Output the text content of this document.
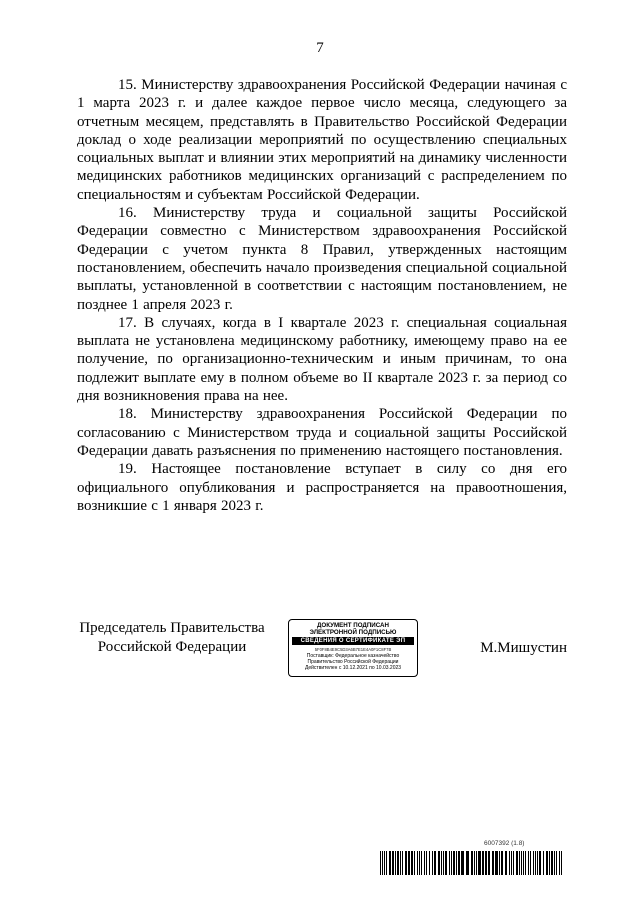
7

15. Министерству здравоохранения Российской Федерации начиная с 1 марта 2023 г. и далее каждое первое число месяца, следующего за отчетным месяцем, представлять в Правительство Российской Федерации доклад о ходе реализации мероприятий по осуществлению специальных социальных выплат и влиянии этих мероприятий на динамику численности медицинских работников медицинских организаций с распределением по специальностям и субъектам Российской Федерации.

16. Министерству труда и социальной защиты Российской Федерации совместно с Министерством здравоохранения Российской Федерации с учетом пункта 8 Правил, утвержденных настоящим постановлением, обеспечить начало произведения специальной социальной выплаты, установленной в соответствии с настоящим постановлением, не позднее 1 апреля 2023 г.

17. В случаях, когда в I квартале 2023 г. специальная социальная выплата не установлена медицинскому работнику, имеющему право на ее получение, по организационно-техническим и иным причинам, то она подлежит выплате ему в полном объеме во II квартале 2023 г. за период со дня возникновения права на нее.

18. Министерству здравоохранения Российской Федерации по согласованию с Министерством труда и социальной защиты Российской Федерации давать разъяснения по применению настоящего постановления.

19. Настоящее постановление вступает в силу со дня его официального опубликования и распространяется на правоотношения, возникшие с 1 января 2023 г.

Председатель Правительства
Российской Федерации
ДОКУМЕНТ ПОДПИСАН
ЭЛЕКТРОННОЙ ПОДПИСЬЮ
СВЕДЕНИЯ О СЕРТИФИКАТЕ ЭП
5F0F8B4E9C5D3A6B7E1E4A0F1C8F7B
Поставщик: Федеральное казначейство
Правительство Российской Федерации
Действителен с 10.12.2021 по 10.03.2023
М.Мишустин
6007392 (1.8)
